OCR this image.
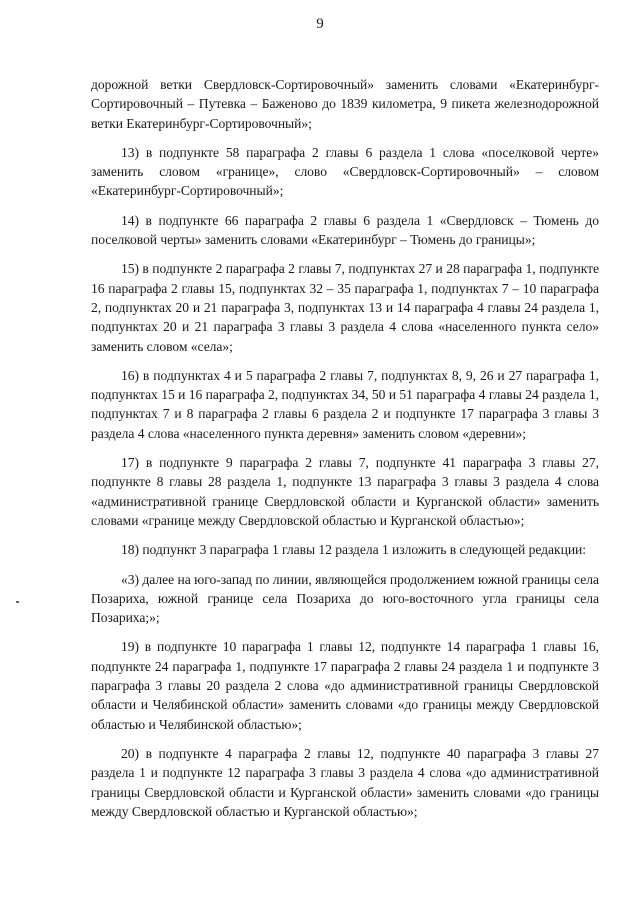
9

дорожной ветки Свердловск-Сортировочный» заменить словами «Екатеринбург-Сортировочный – Путевка – Баженово до 1839 километра, 9 пикета железнодорожной ветки Екатеринбург-Сортировочный»;

13) в подпункте 58 параграфа 2 главы 6 раздела 1 слова «поселковой черте» заменить словом «границе», слово «Свердловск-Сортировочный» – словом «Екатеринбург-Сортировочный»;

14) в подпункте 66 параграфа 2 главы 6 раздела 1 «Свердловск – Тюмень до поселковой черты» заменить словами «Екатеринбург – Тюмень до границы»;

15) в подпункте 2 параграфа 2 главы 7, подпунктах 27 и 28 параграфа 1, подпункте 16 параграфа 2 главы 15, подпунктах 32 – 35 параграфа 1, подпунктах 7 – 10 параграфа 2, подпунктах 20 и 21 параграфа 3, подпунктах 13 и 14 параграфа 4 главы 24 раздела 1, подпунктах 20 и 21 параграфа 3 главы 3 раздела 4 слова «населенного пункта село» заменить словом «села»;

16) в подпунктах 4 и 5 параграфа 2 главы 7, подпунктах 8, 9, 26 и 27 параграфа 1, подпунктах 15 и 16 параграфа 2, подпунктах 34, 50 и 51 параграфа 4 главы 24 раздела 1, подпунктах 7 и 8 параграфа 2 главы 6 раздела 2 и подпункте 17 параграфа 3 главы 3 раздела 4 слова «населенного пункта деревня» заменить словом «деревни»;

17) в подпункте 9 параграфа 2 главы 7, подпункте 41 параграфа 3 главы 27, подпункте 8 главы 28 раздела 1, подпункте 13 параграфа 3 главы 3 раздела 4 слова «административной границе Свердловской области и Курганской области» заменить словами «границе между Свердловской областью и Курганской областью»;

18) подпункт 3 параграфа 1 главы 12 раздела 1 изложить в следующей редакции:

«3) далее на юго-запад по линии, являющейся продолжением южной границы села Позариха, южной границе села Позариха до юго-восточного угла границы села Позариха;»;

19) в подпункте 10 параграфа 1 главы 12, подпункте 14 параграфа 1 главы 16, подпункте 24 параграфа 1, подпункте 17 параграфа 2 главы 24 раздела 1 и подпункте 3 параграфа 3 главы 20 раздела 2 слова «до административной границы Свердловской области и Челябинской области» заменить словами «до границы между Свердловской областью и Челябинской областью»;

20) в подпункте 4 параграфа 2 главы 12, подпункте 40 параграфа 3 главы 27 раздела 1 и подпункте 12 параграфа 3 главы 3 раздела 4 слова «до административной границы Свердловской области и Курганской области» заменить словами «до границы между Свердловской областью и Курганской областью»;
